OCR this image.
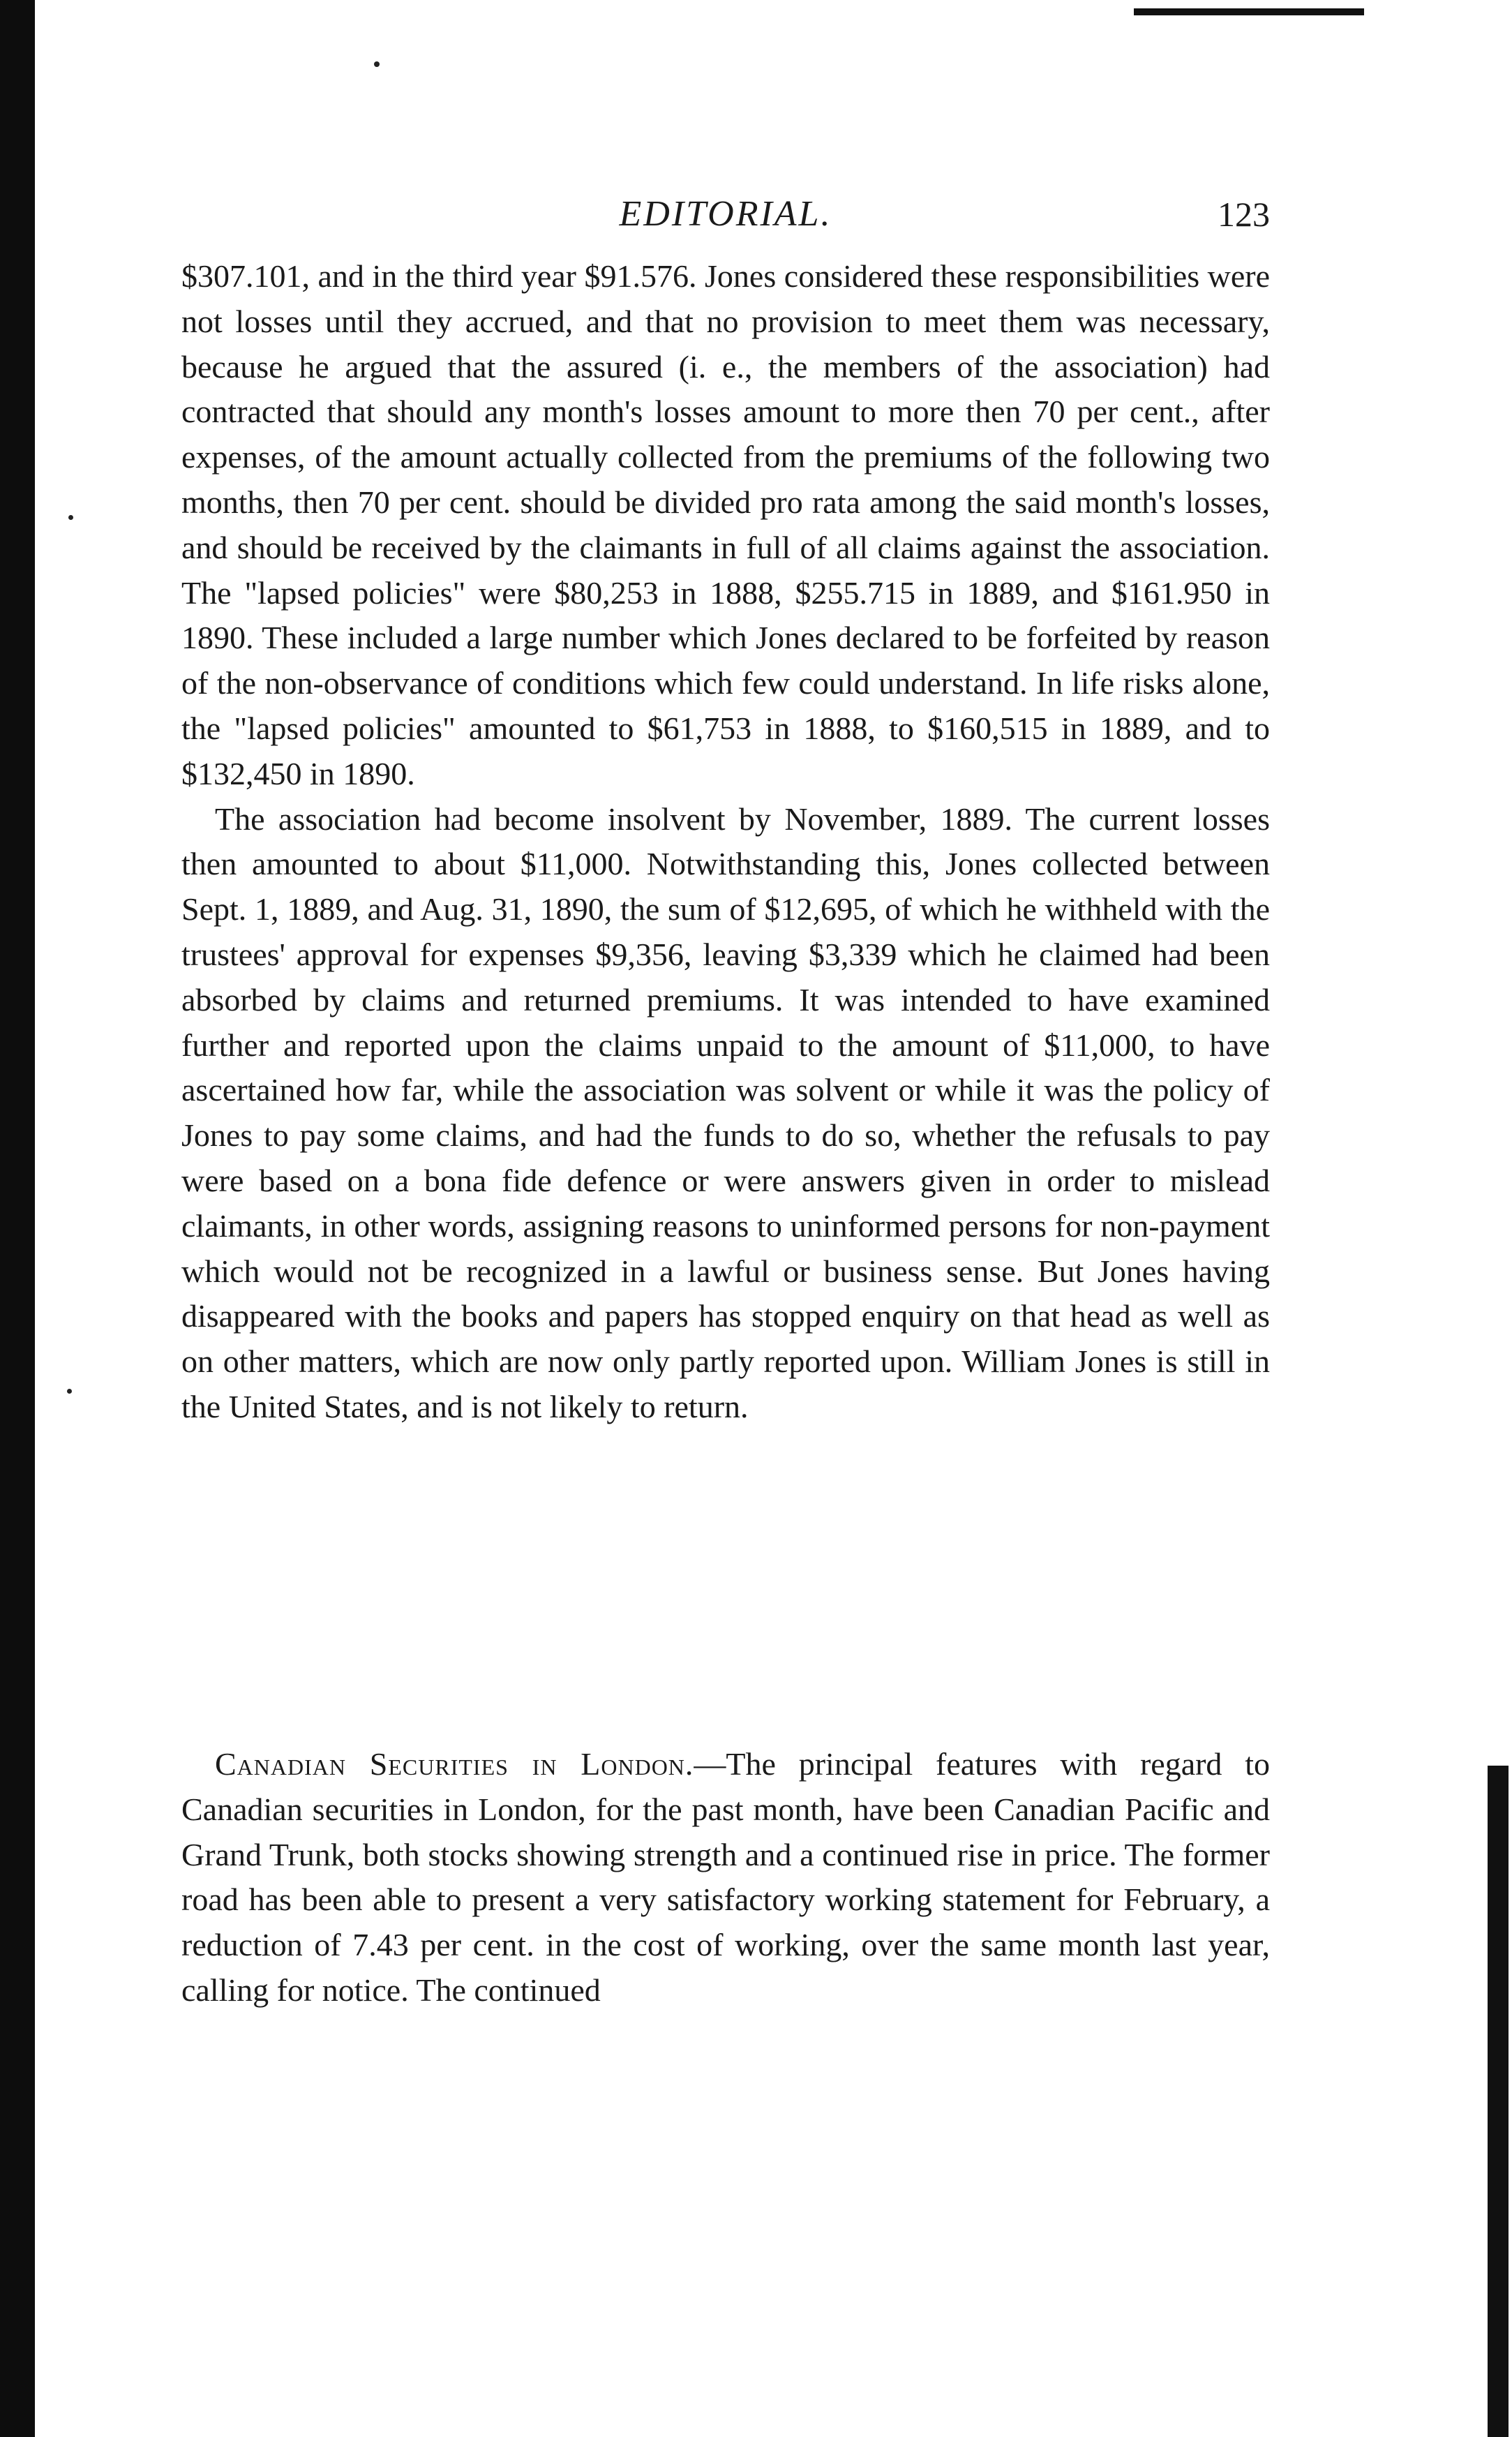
EDITORIAL.	123

$307.101, and in the third year $91.576. Jones considered these responsibilities were not losses until they accrued, and that no provision to meet them was necessary, because he argued that the assured (i. e., the members of the association) had contracted that should any month's losses amount to more then 70 per cent., after expenses, of the amount actually collected from the premiums of the following two months, then 70 per cent. should be divided pro rata among the said month's losses, and should be received by the claimants in full of all claims against the association. The "lapsed policies" were $80,253 in 1888, $255.715 in 1889, and $161.950 in 1890. These included a large number which Jones declared to be forfeited by reason of the non-observance of conditions which few could understand. In life risks alone, the "lapsed policies" amounted to $61,753 in 1888, to $160,515 in 1889, and to $132,450 in 1890.

The association had become insolvent by November, 1889. The current losses then amounted to about $11,000. Notwithstanding this, Jones collected between Sept. 1, 1889, and Aug. 31, 1890, the sum of $12,695, of which he withheld with the trustees' approval for expenses $9,356, leaving $3,339 which he claimed had been absorbed by claims and returned premiums. It was intended to have examined further and reported upon the claims unpaid to the amount of $11,000, to have ascertained how far, while the association was solvent or while it was the policy of Jones to pay some claims, and had the funds to do so, whether the refusals to pay were based on a bona fide defence or were answers given in order to mislead claimants, in other words, assigning reasons to uninformed persons for non-payment which would not be recognized in a lawful or business sense. But Jones having disappeared with the books and papers has stopped enquiry on that head as well as on other matters, which are now only partly reported upon. William Jones is still in the United States, and is not likely to return.

Canadian Securities in London.—The principal features with regard to Canadian securities in London, for the past month, have been Canadian Pacific and Grand Trunk, both stocks showing strength and a continued rise in price. The former road has been able to present a very satisfactory working statement for February, a reduction of 7.43 per cent. in the cost of working, over the same month last year, calling for notice. The continued
